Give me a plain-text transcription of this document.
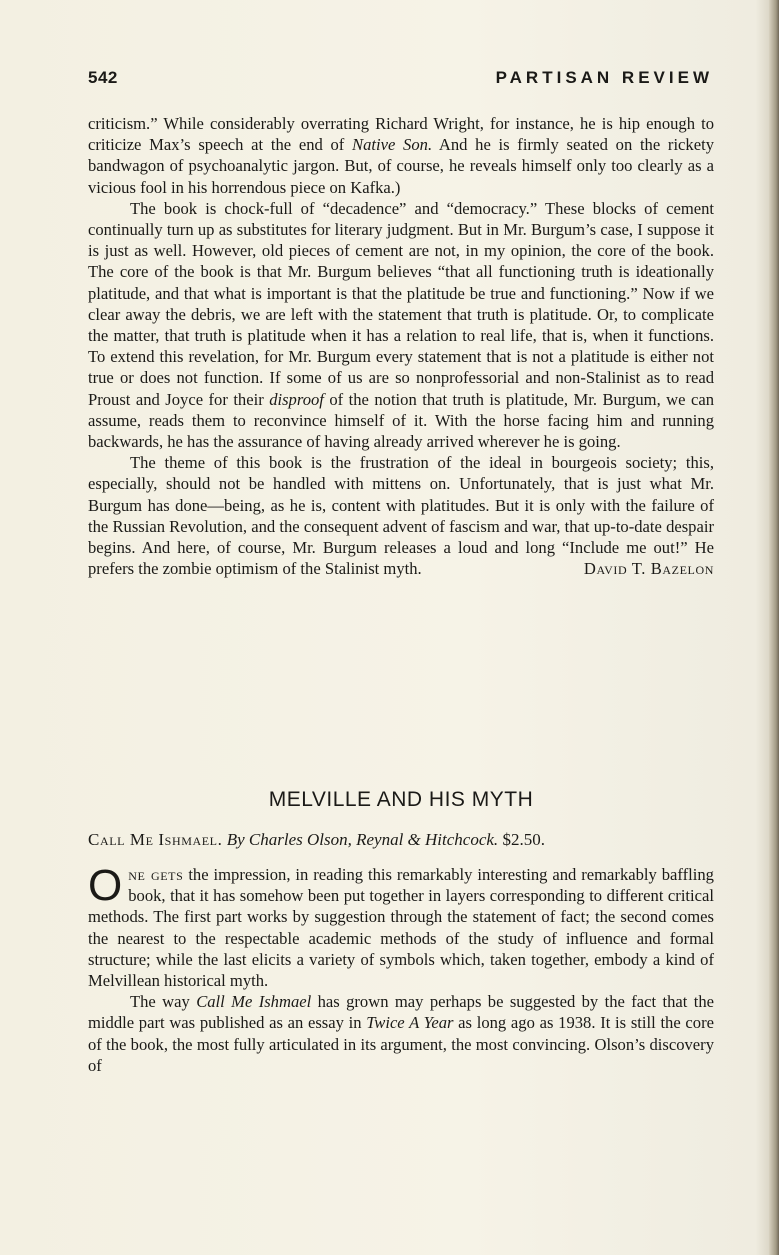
542	PARTISAN REVIEW

criticism.” While considerably overrating Richard Wright, for instance, he is hip enough to criticize Max’s speech at the end of Native Son. And he is firmly seated on the rickety bandwagon of psychoanalytic jargon. But, of course, he reveals himself only too clearly as a vicious fool in his horrendous piece on Kafka.)

The book is chock-full of “decadence” and “democracy.” These blocks of cement continually turn up as substitutes for literary judgment. But in Mr. Burgum’s case, I suppose it is just as well. However, old pieces of cement are not, in my opinion, the core of the book. The core of the book is that Mr. Burgum believes “that all functioning truth is ideationally platitude, and that what is important is that the platitude be true and functioning.” Now if we clear away the debris, we are left with the statement that truth is platitude. Or, to complicate the matter, that truth is platitude when it has a relation to real life, that is, when it functions. To extend this revelation, for Mr. Burgum every statement that is not a platitude is either not true or does not function. If some of us are so nonprofessorial and non-Stalinist as to read Proust and Joyce for their disproof of the notion that truth is platitude, Mr. Burgum, we can assume, reads them to reconvince himself of it. With the horse facing him and running backwards, he has the assurance of having already arrived wherever he is going.

The theme of this book is the frustration of the ideal in bourgeois society; this, especially, should not be handled with mittens on. Unfortunately, that is just what Mr. Burgum has done—being, as he is, content with platitudes. But it is only with the failure of the Russian Revolution, and the consequent advent of fascism and war, that up-to-date despair begins. And here, of course, Mr. Burgum releases a loud and long “Include me out!” He prefers the zombie optimism of the Stalinist myth.	David T. Bazelon

MELVILLE AND HIS MYTH
Call Me Ishmael. By Charles Olson, Reynal & Hitchcock. $2.50.

One gets the impression, in reading this remarkably interesting and remarkably baffling book, that it has somehow been put together in layers corresponding to different critical methods. The first part works by suggestion through the statement of fact; the second comes the nearest to the respectable academic methods of the study of influence and formal structure; while the last elicits a variety of symbols which, taken together, embody a kind of Melvillean historical myth.

The way Call Me Ishmael has grown may perhaps be suggested by the fact that the middle part was published as an essay in Twice A Year as long ago as 1938. It is still the core of the book, the most fully articulated in its argument, the most convincing. Olson’s discovery of
